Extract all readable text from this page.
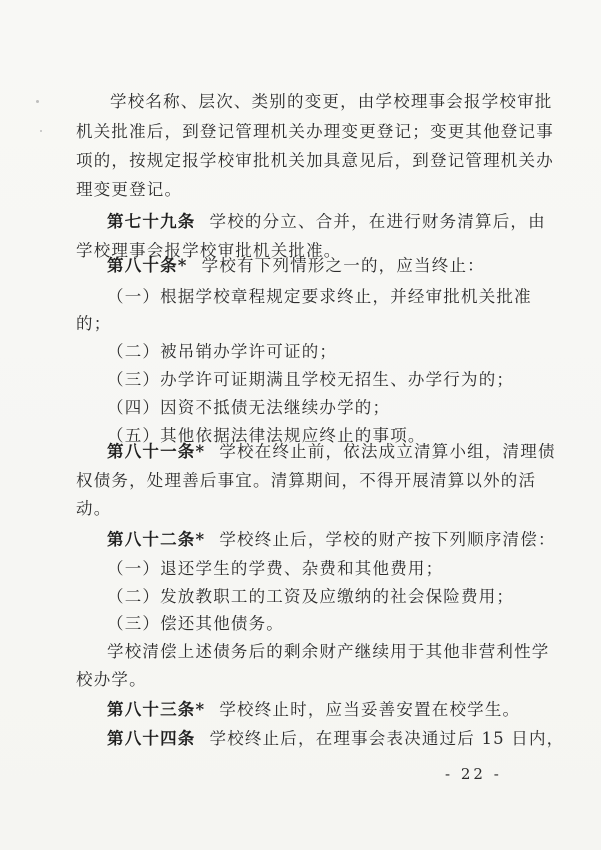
学校名称、层次、类别的变更，由学校理事会报学校审批
机关批准后，到登记管理机关办理变更登记；变更其他登记事
项的，按规定报学校审批机关加具意见后，到登记管理机关办
理变更登记。
第七十九条 学校的分立、合并，在进行财务清算后，由
学校理事会报学校审批机关批准。
第八十条* 学校有下列情形之一的，应当终止：
（一）根据学校章程规定要求终止，并经审批机关批准
的；
（二）被吊销办学许可证的；
（三）办学许可证期满且学校无招生、办学行为的；
（四）因资不抵债无法继续办学的；
（五）其他依据法律法规应终止的事项。
第八十一条* 学校在终止前，依法成立清算小组，清理债
权债务，处理善后事宜。清算期间，不得开展清算以外的活
动。
第八十二条* 学校终止后，学校的财产按下列顺序清偿：
（一）退还学生的学费、杂费和其他费用；
（二）发放教职工的工资及应缴纳的社会保险费用；
（三）偿还其他债务。
学校清偿上述债务后的剩余财产继续用于其他非营利性学
校办学。
第八十三条* 学校终止时，应当妥善安置在校学生。
第八十四条 学校终止后，在理事会表决通过后 15 日内，
- 22 -
